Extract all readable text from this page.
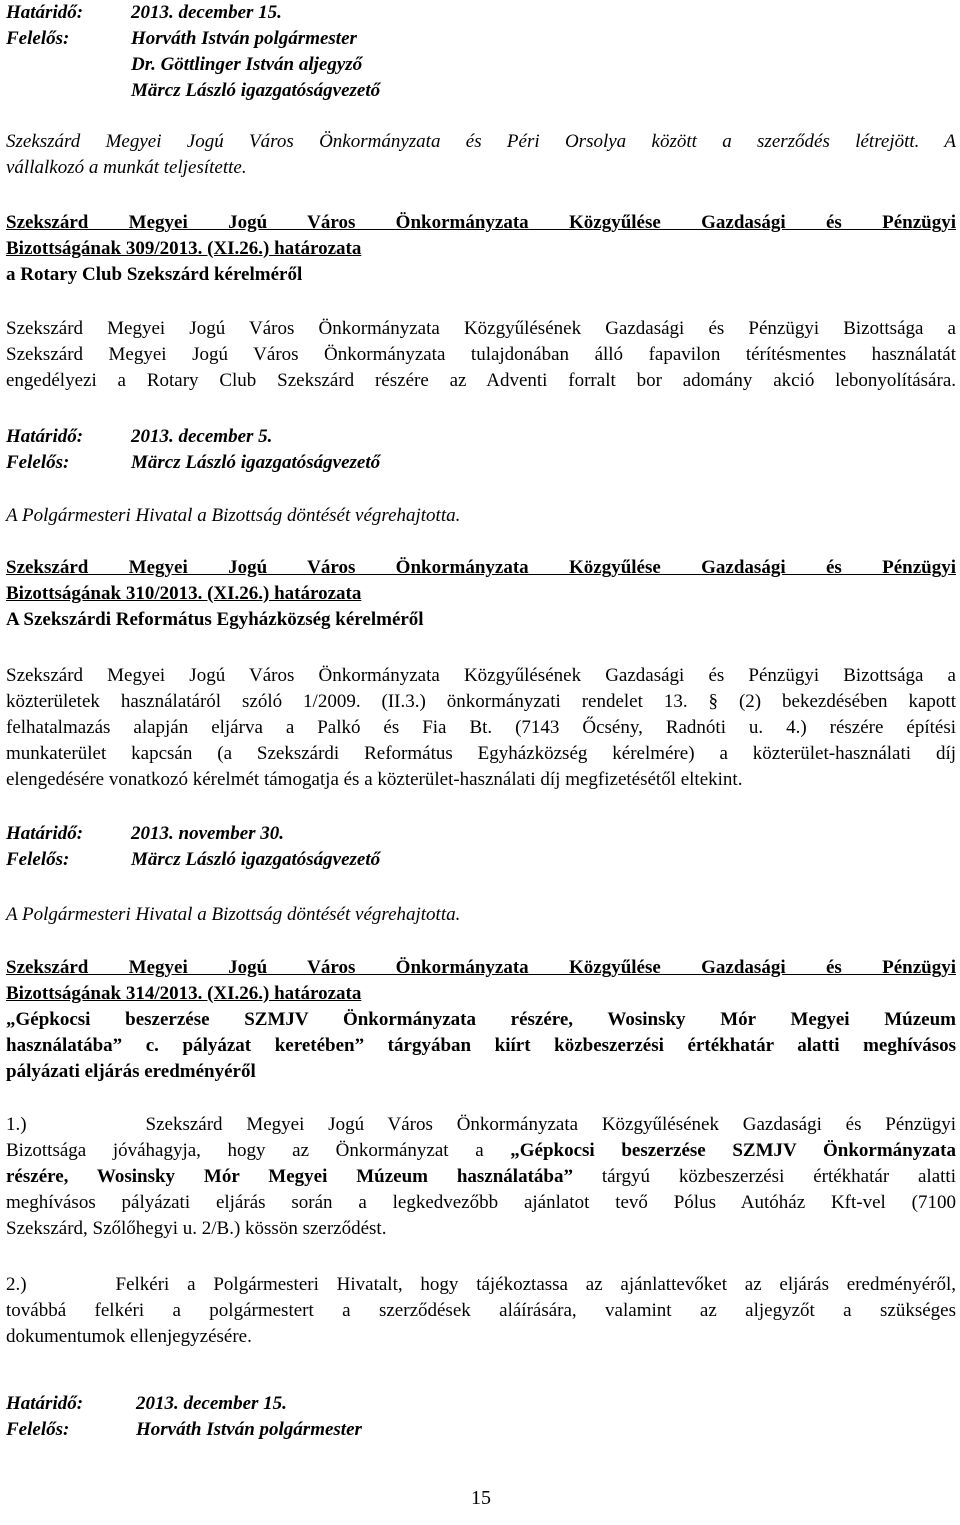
Határidő:	2013. december 15.
Felelős:	Horváth István polgármester
Dr. Göttlinger István aljegyző
Märcz László igazgatóságvezető
Szekszárd Megyei Jogú Város Önkormányzata és Péri Orsolya között a szerződés létrejött. A
vállalkozó a munkát teljesítette.
Szekszárd Megyei Jogú Város Önkormányzata Közgyűlése Gazdasági és Pénzügyi
Bizottságának 309/2013. (XI.26.) határozata
a Rotary Club Szekszárd kérelméről
Szekszárd Megyei Jogú Város Önkormányzata Közgyűlésének Gazdasági és Pénzügyi Bizottsága a
Szekszárd Megyei Jogú Város Önkormányzata tulajdonában álló fapavilon térítésmentes használatát
engedélyezi a Rotary Club Szekszárd részére az Adventi forralt bor adomány akció lebonyolítására.
Határidő:	2013. december 5.
Felelős:	Märcz László igazgatóságvezető
A Polgármesteri Hivatal a Bizottság döntését végrehajtotta.
Szekszárd Megyei Jogú Város Önkormányzata Közgyűlése Gazdasági és Pénzügyi
Bizottságának 310/2013. (XI.26.) határozata
A Szekszárdi Református Egyházközség kérelméről
Szekszárd Megyei Jogú Város Önkormányzata Közgyűlésének Gazdasági és Pénzügyi Bizottsága a
közterületek használatáról szóló 1/2009. (II.3.) önkormányzati rendelet 13. § (2) bekezdésében kapott
felhatalmazás alapján eljárva a Palkó és Fia Bt. (7143 Őcsény, Radnóti u. 4.) részére építési
munkaterület kapcsán (a Szekszárdi Református Egyházközség kérelmére) a közterület-használati díj
elengedésére vonatkozó kérelmét támogatja és a közterület-használati díj megfizetésétől eltekint.
Határidő:	2013. november 30.
Felelős:	Märcz László igazgatóságvezető
A Polgármesteri Hivatal a Bizottság döntését végrehajtotta.
Szekszárd Megyei Jogú Város Önkormányzata Közgyűlése Gazdasági és Pénzügyi
Bizottságának 314/2013. (XI.26.) határozata
„Gépkocsi beszerzése SZMJV Önkormányzata részére, Wosinsky Mór Megyei Múzeum
használatába” c. pályázat keretében” tárgyában kiírt közbeszerzési értékhatár alatti meghívásos
pályázati eljárás eredményéről
1.)     Szekszárd Megyei Jogú Város Önkormányzata Közgyűlésének Gazdasági és Pénzügyi
Bizottsága jóváhagyja, hogy az Önkormányzat a „Gépkocsi beszerzése SZMJV Önkormányzata
részére, Wosinsky Mór Megyei Múzeum használatába” tárgyú közbeszerzési értékhatár alatti
meghívásos pályázati eljárás során a legkedvezőbb ajánlatot tevő Pólus Autóház Kft-vel (7100
Szekszárd, Szőlőhegyi u. 2/B.) kössön szerződést.
2.)     Felkéri a Polgármesteri Hivatalt, hogy tájékoztassa az ajánlattevőket az eljárás eredményéről,
továbbá felkéri a polgármestert a szerződések aláírására, valamint az aljegyzőt a szükséges
dokumentumok ellenjegyzésére.
Határidő:	2013. december 15.
Felelős:	Horváth István polgármester
15
